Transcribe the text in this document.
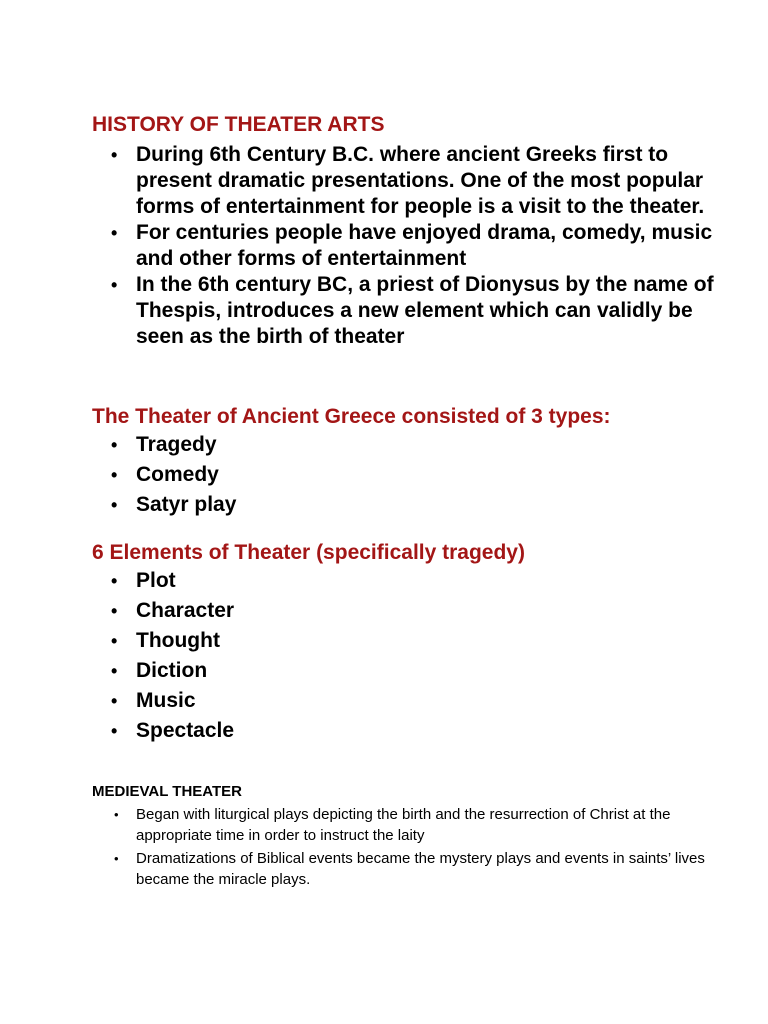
HISTORY OF THEATER ARTS
• During 6th Century B.C. where ancient Greeks first to present dramatic presentations. One of the most popular forms of entertainment for people is a visit to the theater.
• For centuries people have enjoyed drama, comedy, music and other forms of entertainment
• In the 6th century BC, a priest of Dionysus by the name of Thespis, introduces a new element which can validly be seen as the birth of theater
The Theater of Ancient Greece consisted of 3 types:
• Tragedy
• Comedy
• Satyr play
6 Elements of Theater (specifically tragedy)
• Plot
• Character
• Thought
• Diction
• Music
• Spectacle
MEDIEVAL THEATER
• Began with liturgical plays depicting the birth and the resurrection of Christ at the appropriate time in order to instruct the laity
• Dramatizations of Biblical events became the mystery plays and events in saints’ lives became the miracle plays.
